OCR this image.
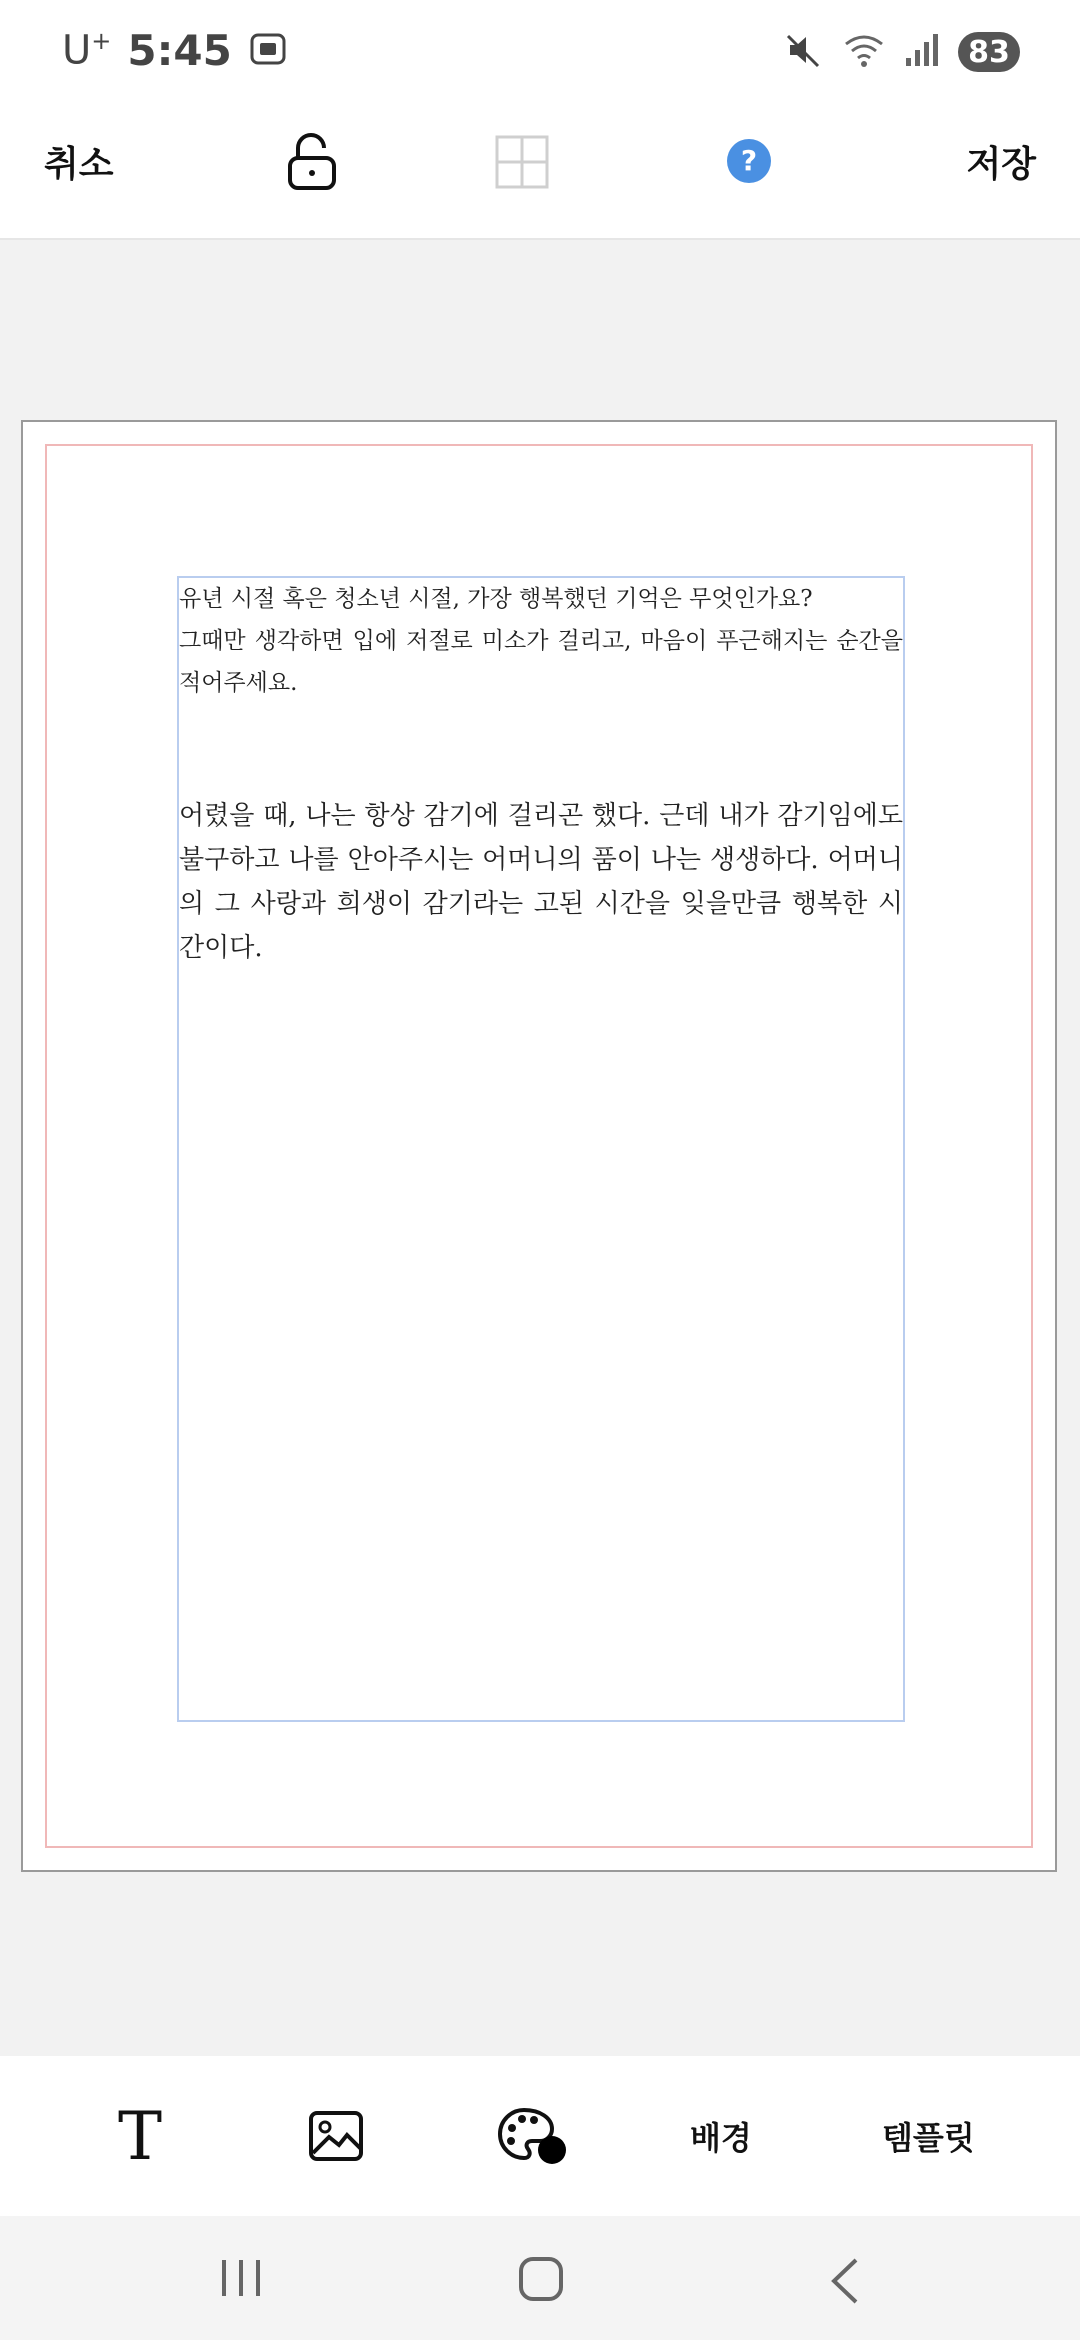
U+ 5:45	83
취소	?	저장

유년 시절 혹은 청소년 시절, 가장 행복했던 기억은 무엇인가요?
그때만 생각하면 입에 저절로 미소가 걸리고, 마음이 푸근해지는 순간을 적어주세요.

어렸을 때, 나는 항상 감기에 걸리곤 했다. 근데 내가 감기임에도 불구하고 나를 안아주시는 어머니의 품이 나는 생생하다. 어머니의 그 사랑과 희생이 감기라는 고된 시간을 잊을만큼 행복한 시간이다.

T	배경	템플릿
